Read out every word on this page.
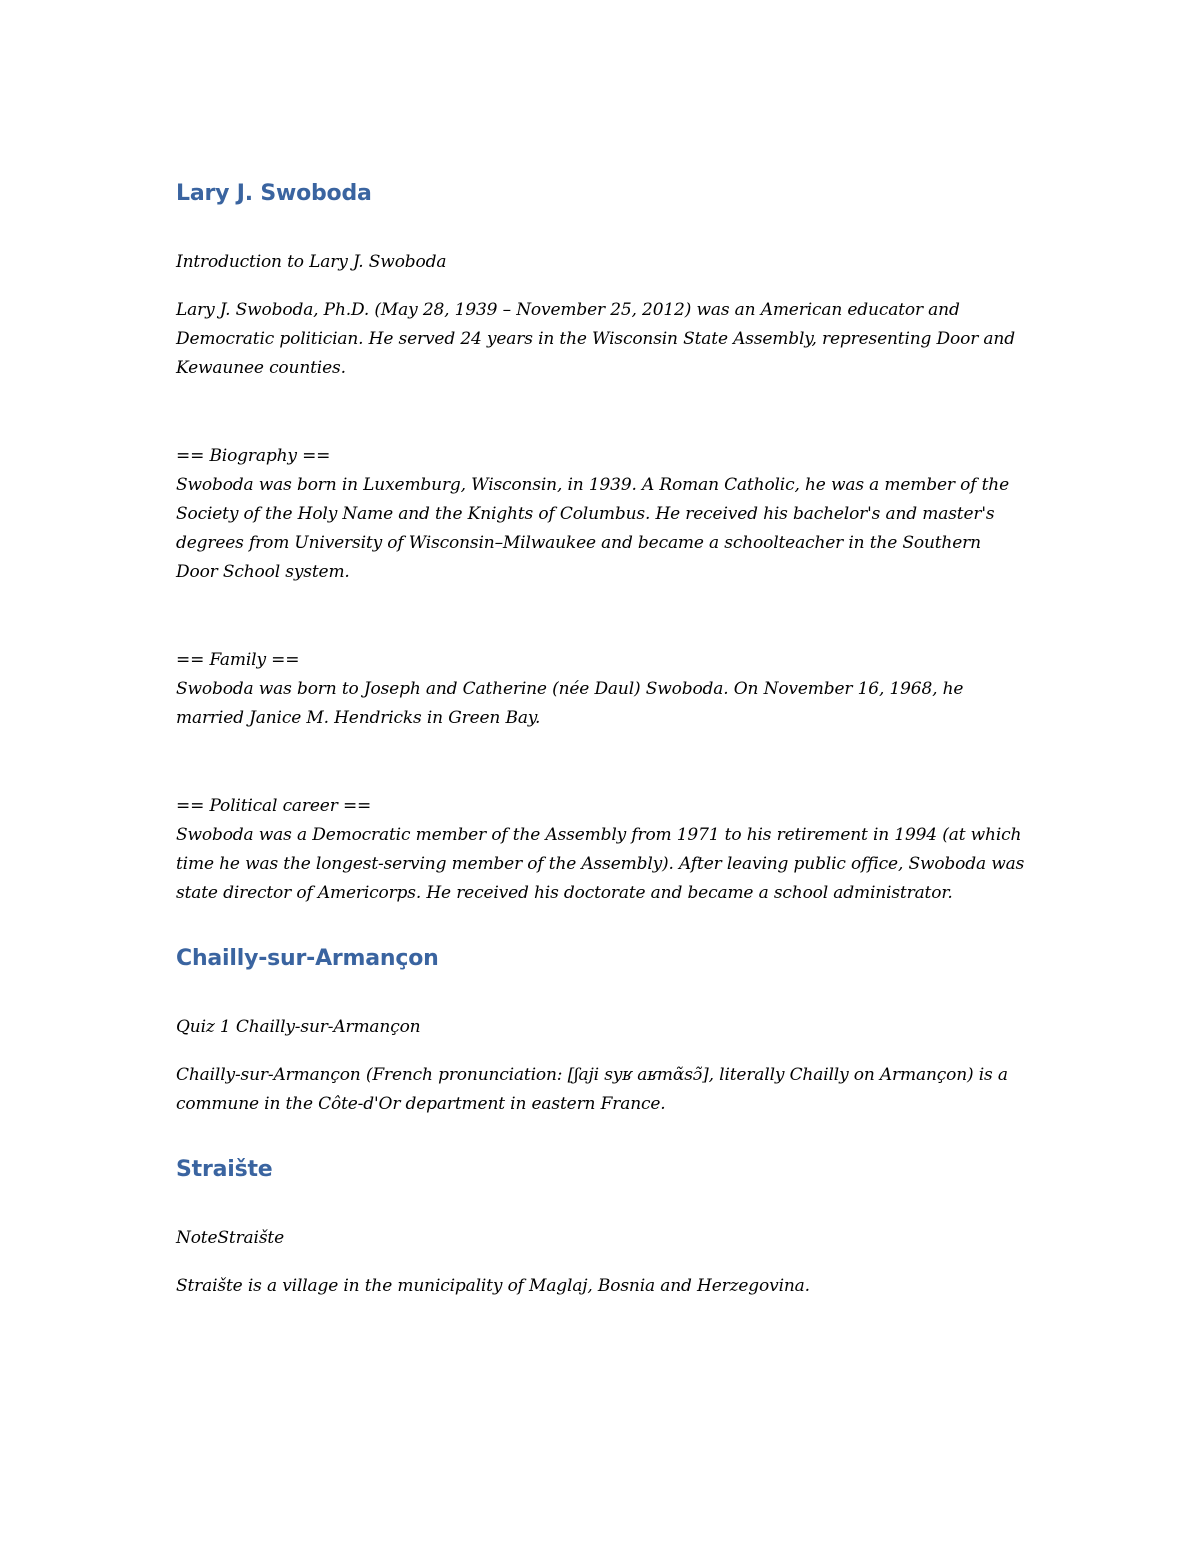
Lary J. Swoboda

Introduction to Lary J. Swoboda

Lary J. Swoboda, Ph.D. (May 28, 1939 – November 25, 2012) was an American educator and Democratic politician. He served 24 years in the Wisconsin State Assembly, representing Door and Kewaunee counties.

== Biography ==

Swoboda was born in Luxemburg, Wisconsin, in 1939. A Roman Catholic, he was a member of the Society of the Holy Name and the Knights of Columbus. He received his bachelor's and master's degrees from University of Wisconsin–Milwaukee and became a schoolteacher in the Southern Door School system.

== Family ==

Swoboda was born to Joseph and Catherine (née Daul) Swoboda. On November 16, 1968, he married Janice M. Hendricks in Green Bay.

== Political career ==

Swoboda was a Democratic member of the Assembly from 1971 to his retirement in 1994 (at which time he was the longest-serving member of the Assembly). After leaving public office, Swoboda was state director of Americorps. He received his doctorate and became a school administrator.

Chailly-sur-Armançon

Quiz 1 Chailly-sur-Armançon

Chailly-sur-Armançon (French pronunciation: [ʃaji syʁ aʁmɑ̃sɔ̃], literally Chailly on Armançon) is a commune in the Côte-d'Or department in eastern France.

Straište

NoteStraište

Straište is a village in the municipality of Maglaj, Bosnia and Herzegovina.
